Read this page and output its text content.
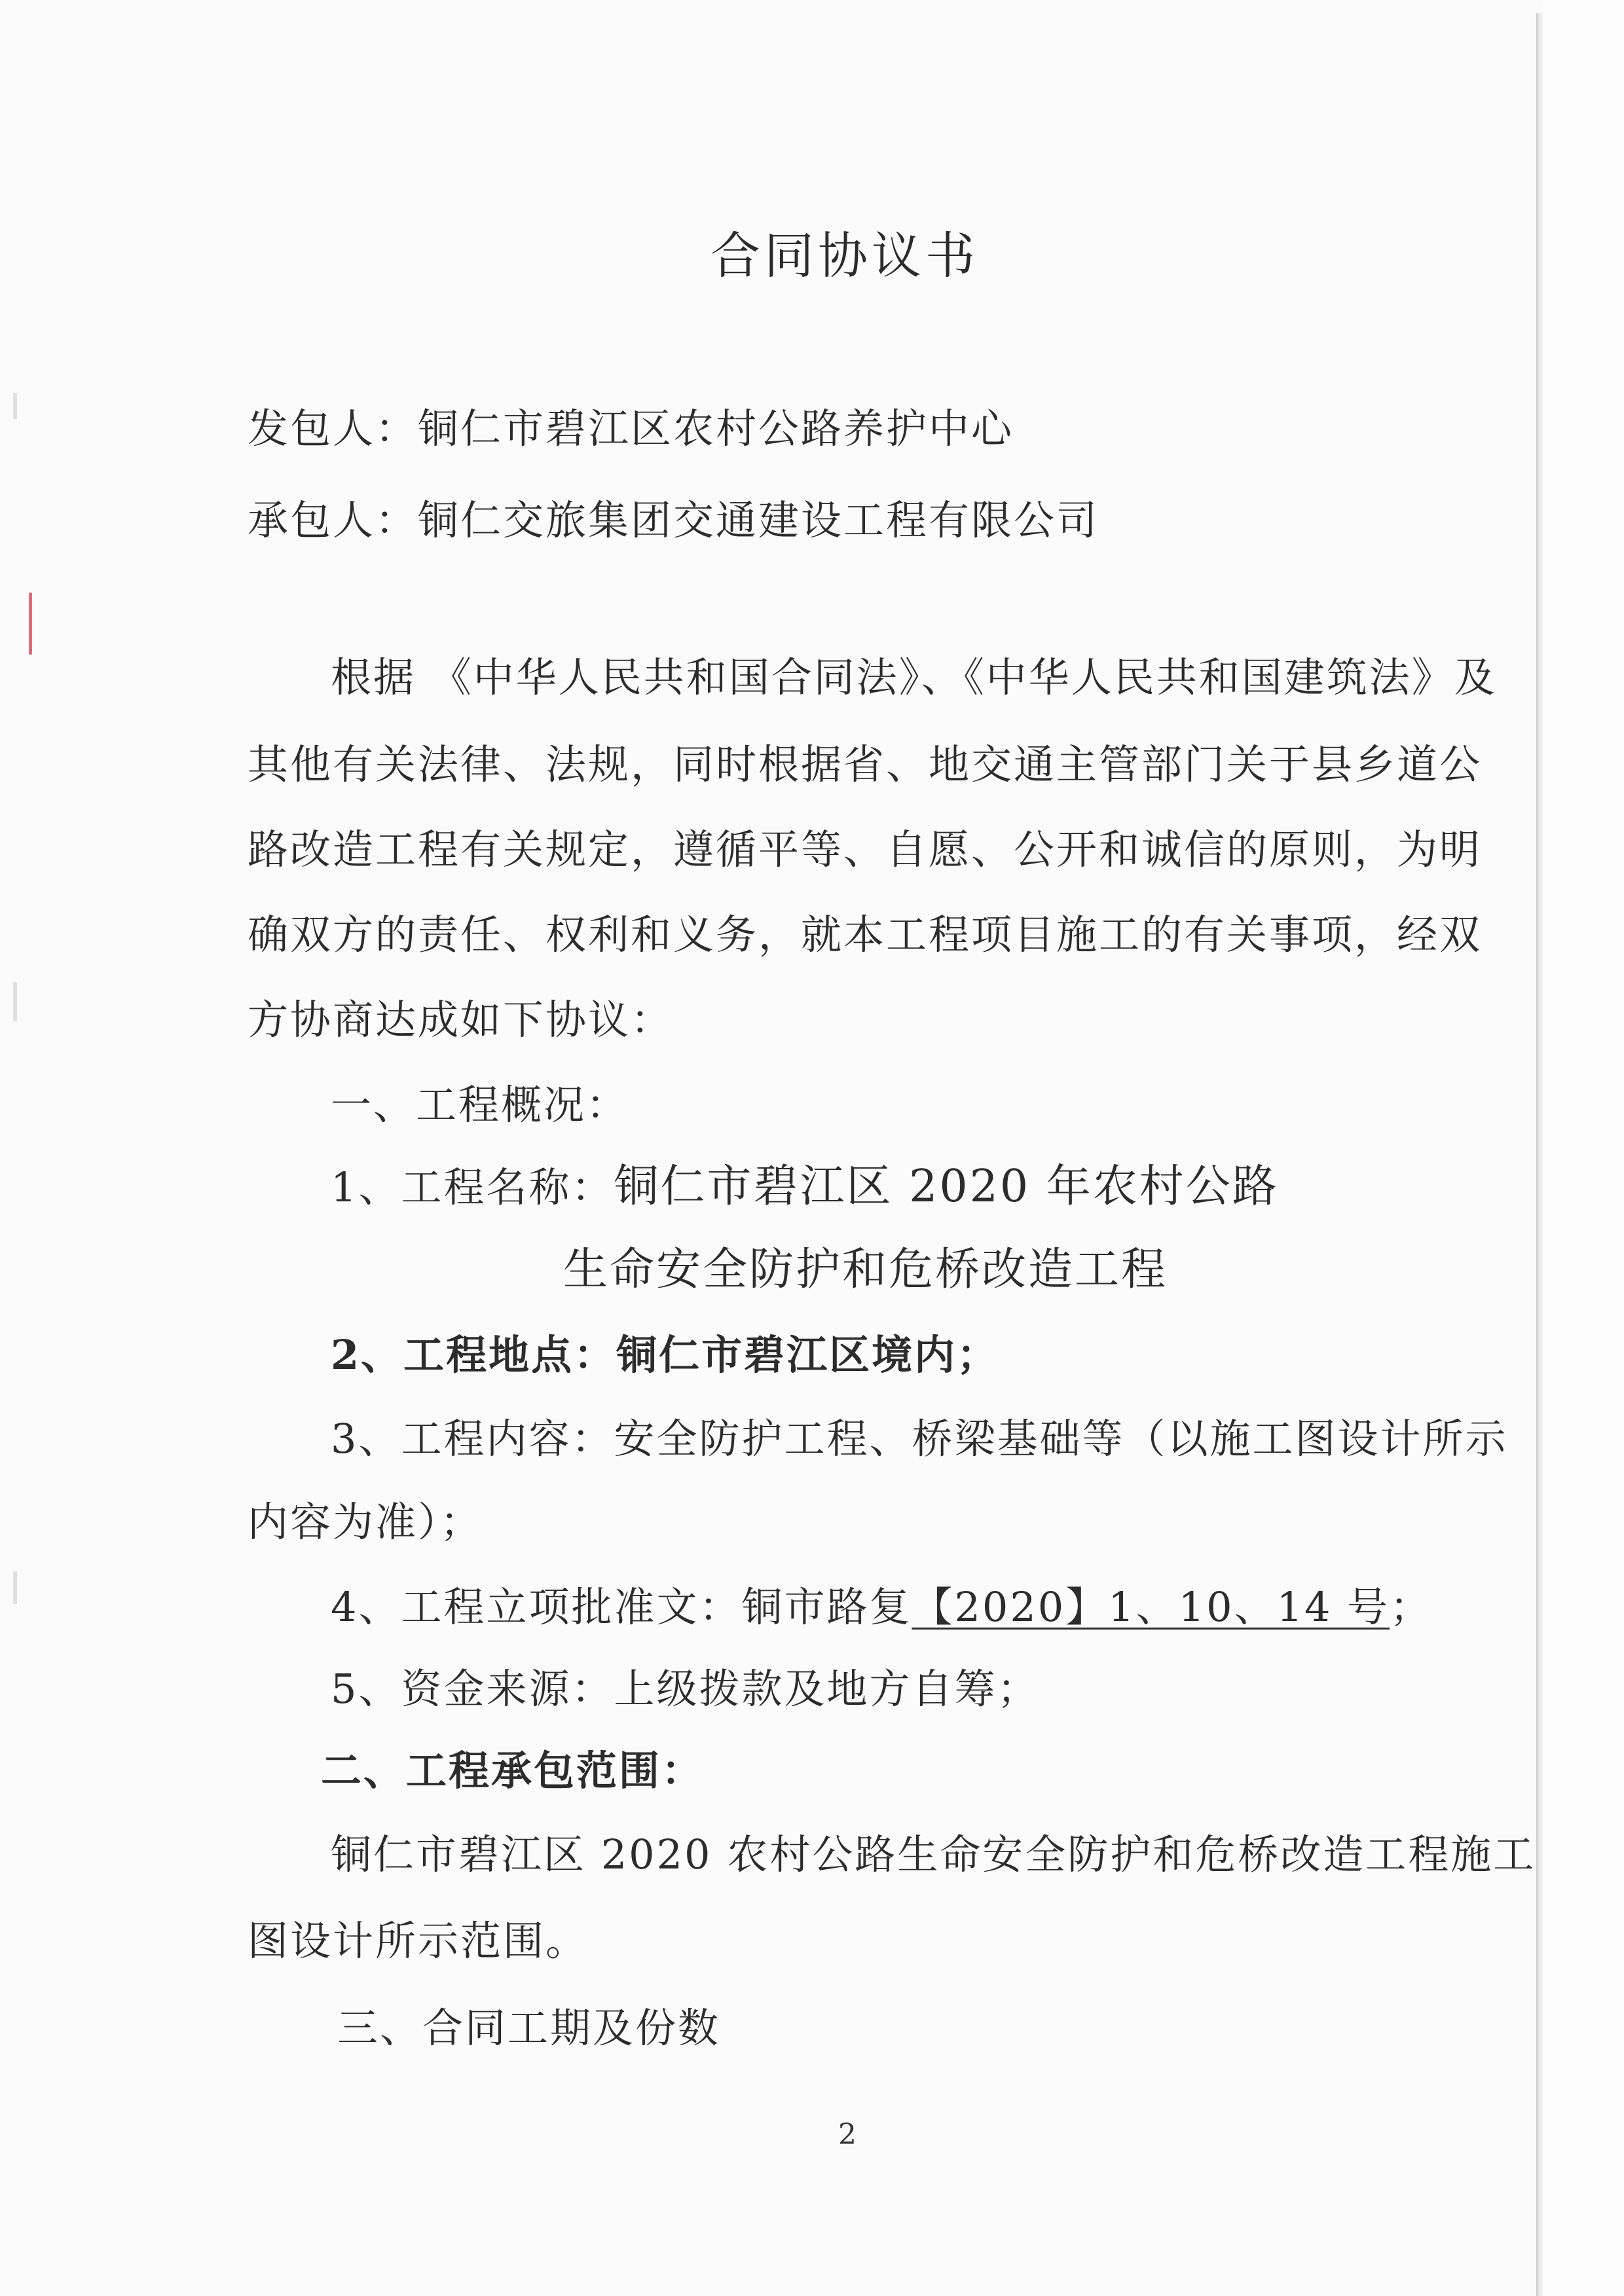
合同协议书
发包人：铜仁市碧江区农村公路养护中心
承包人：铜仁交旅集团交通建设工程有限公司
根据 《中华人民共和国合同法》、《中华人民共和国建筑法》及
其他有关法律、法规，同时根据省、地交通主管部门关于县乡道公
路改造工程有关规定，遵循平等、自愿、公开和诚信的原则，为明
确双方的责任、权利和义务，就本工程项目施工的有关事项，经双
方协商达成如下协议：
一、工程概况：
1、工程名称：铜仁市碧江区 2020 年农村公路
生命安全防护和危桥改造工程
2、工程地点：铜仁市碧江区境内；
3、工程内容：安全防护工程、桥梁基础等（以施工图设计所示
内容为准）；
4、工程立项批准文：铜市路复【2020】1、10、14 号；
5、资金来源：上级拨款及地方自筹；
二、工程承包范围：
铜仁市碧江区 2020 农村公路生命安全防护和危桥改造工程施工
图设计所示范围。
三、合同工期及份数
2
